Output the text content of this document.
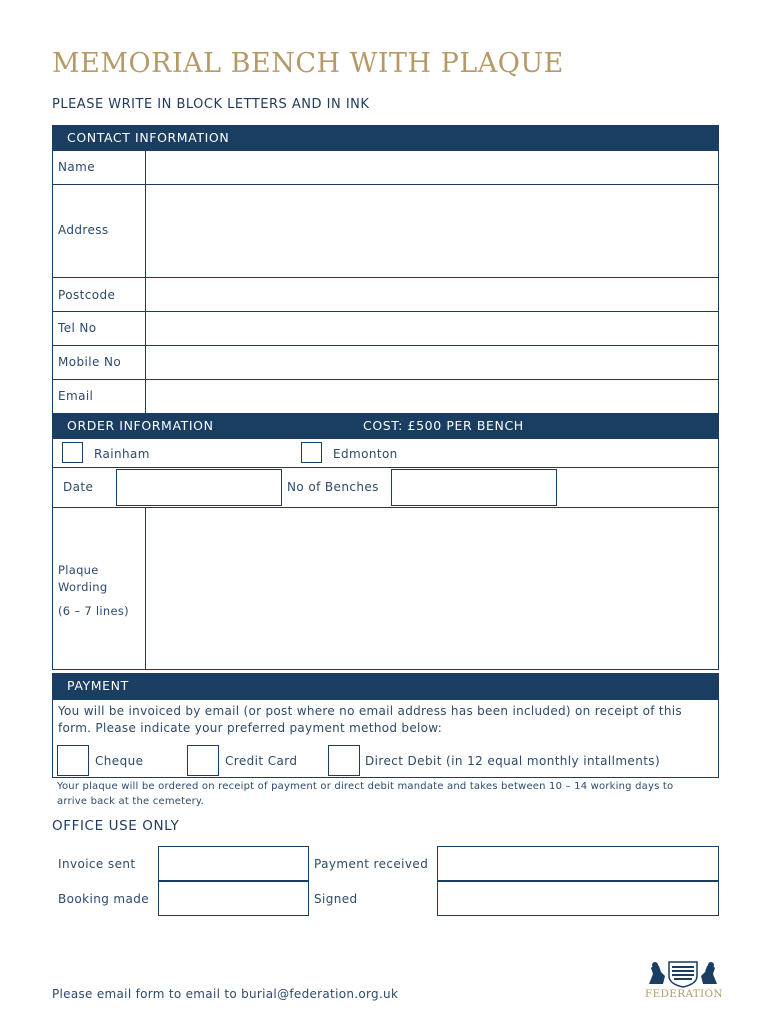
MEMORIAL BENCH WITH PLAQUE
PLEASE WRITE IN BLOCK LETTERS AND IN INK
CONTACT INFORMATION
Name
Address
Postcode
Tel No
Mobile No
Email
ORDER INFORMATION	COST: £500 PER BENCH
Rainham	Edmonton
Date	No of Benches
Plaque
Wording
(6 – 7 lines)
PAYMENT
You will be invoiced by email (or post where no email address has been included) on receipt of this
form. Please indicate your preferred payment method below:
Cheque	Credit Card	Direct Debit (in 12 equal monthly intallments)
Your plaque will be ordered on receipt of payment or direct debit mandate and takes between 10 – 14 working days to
arrive back at the cemetery.
OFFICE USE ONLY
Invoice sent	Payment received
Booking made	Signed
Please email form to email to burial@federation.org.uk	FEDERATION
